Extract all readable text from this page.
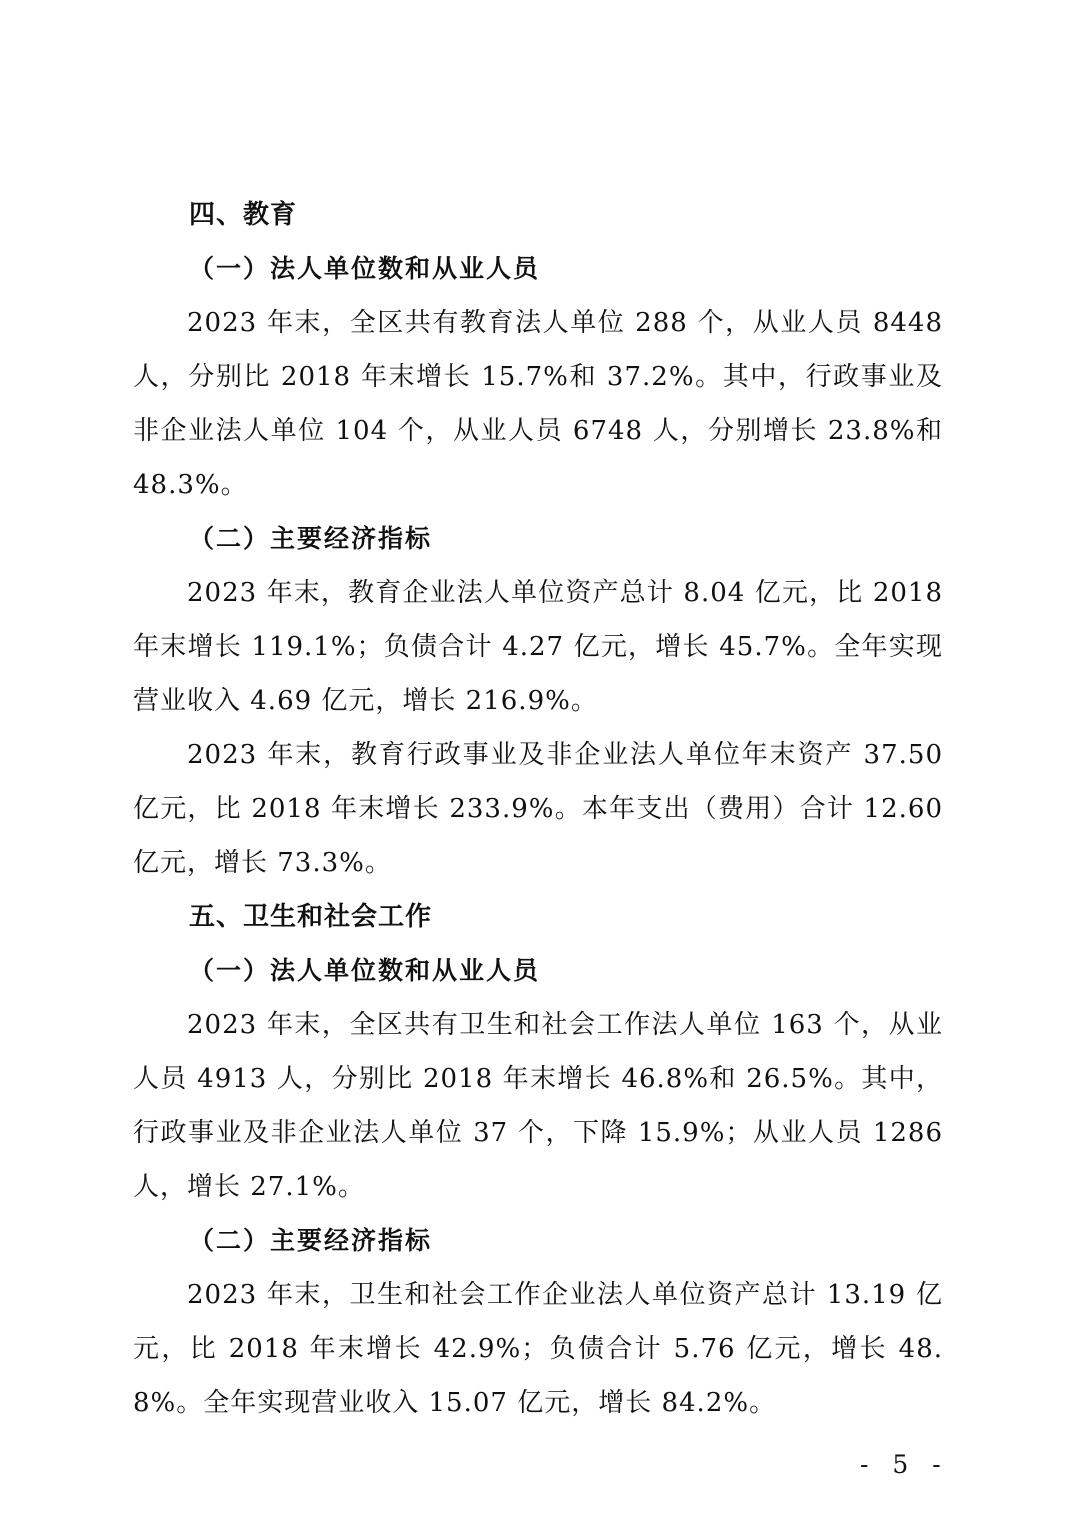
四、教育
（一）法人单位数和从业人员

2023 年末，全区共有教育法人单位 288 个，从业人员 8448 人，分别比 2018 年末增长 15.7%和 37.2%。其中，行政事业及非企业法人单位 104 个，从业人员 6748 人，分别增长 23.8%和 48.3%。

（二）主要经济指标

2023 年末，教育企业法人单位资产总计 8.04 亿元，比 2018 年末增长 119.1%；负债合计 4.27 亿元，增长 45.7%。全年实现营业收入 4.69 亿元，增长 216.9%。

2023 年末，教育行政事业及非企业法人单位年末资产 37.50 亿元，比 2018 年末增长 233.9%。本年支出（费用）合计 12.60 亿元，增长 73.3%。

五、卫生和社会工作
（一）法人单位数和从业人员

2023 年末，全区共有卫生和社会工作法人单位 163 个，从业人员 4913 人，分别比 2018 年末增长 46.8%和 26.5%。其中，行政事业及非企业法人单位 37 个，下降 15.9%；从业人员 1286 人，增长 27.1%。

（二）主要经济指标

2023 年末，卫生和社会工作企业法人单位资产总计 13.19 亿元，比 2018 年末增长 42.9%；负债合计 5.76 亿元，增长 48.8%。全年实现营业收入 15.07 亿元，增长 84.2%。

- 5 -
